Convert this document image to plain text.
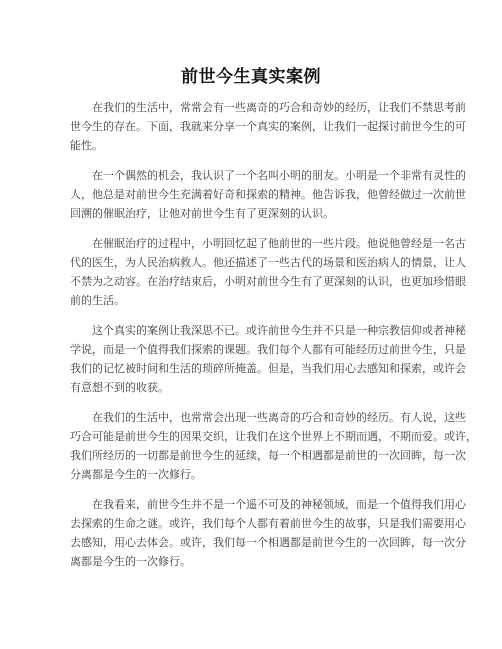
前世今生真实案例

在我们的生活中，常常会有一些离奇的巧合和奇妙的经历，让我们不禁思考前
世今生的存在。下面，我就来分享一个真实的案例，让我们一起探讨前世今生的可
能性。

在一个偶然的机会，我认识了一个名叫小明的朋友。小明是一个非常有灵性的
人，他总是对前世今生充满着好奇和探索的精神。他告诉我，他曾经做过一次前世
回溯的催眠治疗，让他对前世今生有了更深刻的认识。

在催眠治疗的过程中，小明回忆起了他前世的一些片段。他说他曾经是一名古
代的医生，为人民治病救人。他还描述了一些古代的场景和医治病人的情景，让人
不禁为之动容。在治疗结束后，小明对前世今生有了更深刻的认识，也更加珍惜眼
前的生活。

这个真实的案例让我深思不已。或许前世今生并不只是一种宗教信仰或者神秘
学说，而是一个值得我们探索的课题。我们每个人都有可能经历过前世今生，只是
我们的记忆被时间和生活的琐碎所掩盖。但是，当我们用心去感知和探索，或许会
有意想不到的收获。

在我们的生活中，也常常会出现一些离奇的巧合和奇妙的经历。有人说，这些
巧合可能是前世今生的因果交织，让我们在这个世界上不期而遇，不期而爱。或许，
我们所经历的一切都是前世今生的延续，每一个相遇都是前世的一次回眸，每一次
分离都是今生的一次修行。

在我看来，前世今生并不是一个遥不可及的神秘领域，而是一个值得我们用心
去探索的生命之谜。或许，我们每个人都有着前世今生的故事，只是我们需要用心
去感知，用心去体会。或许，我们每一个相遇都是前世今生的一次回眸，每一次分
离都是今生的一次修行。
